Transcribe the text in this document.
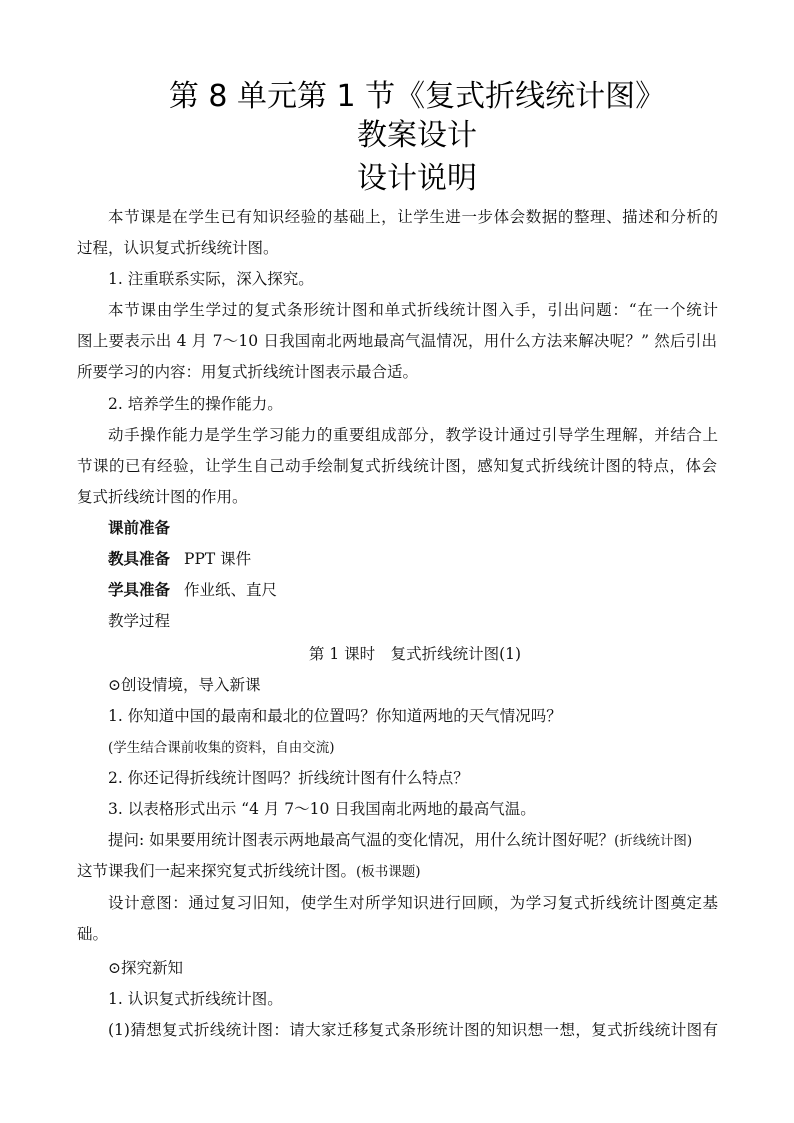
第 8 单元第 1 节《复式折线统计图》
教案设计
设计说明

本节课是在学生已有知识经验的基础上，让学生进一步体会数据的整理、描述和分析的

过程，认识复式折线统计图。

1. 注重联系实际，深入探究。

本节课由学生学过的复式条形统计图和单式折线统计图入手，引出问题：“在一个统计

图上要表示出 4 月 7～10 日我国南北两地最高气温情况，用什么方法来解决呢？” 然后引出

所要学习的内容：用复式折线统计图表示最合适。

2. 培养学生的操作能力。

动手操作能力是学生学习能力的重要组成部分，教学设计通过引导学生理解，并结合上

节课的已有经验，让学生自己动手绘制复式折线统计图，感知复式折线统计图的特点，体会

复式折线统计图的作用。

课前准备

教具准备 PPT 课件

学具准备 作业纸、直尺

教学过程

第 1 课时　复式折线统计图(1)

⊙创设情境，导入新课

1. 你知道中国的最南和最北的位置吗？你知道两地的天气情况吗？

(学生结合课前收集的资料，自由交流)

2. 你还记得折线统计图吗？折线统计图有什么特点？

3. 以表格形式出示 “4 月 7～10 日我国南北两地的最高气温。

提问: 如果要用统计图表示两地最高气温的变化情况，用什么统计图好呢？(折线统计图)

这节课我们一起来探究复式折线统计图。(板书课题)

设计意图：通过复习旧知，使学生对所学知识进行回顾，为学习复式折线统计图奠定基

础。

⊙探究新知

1. 认识复式折线统计图。

(1)猜想复式折线统计图：请大家迁移复式条形统计图的知识想一想，复式折线统计图有
